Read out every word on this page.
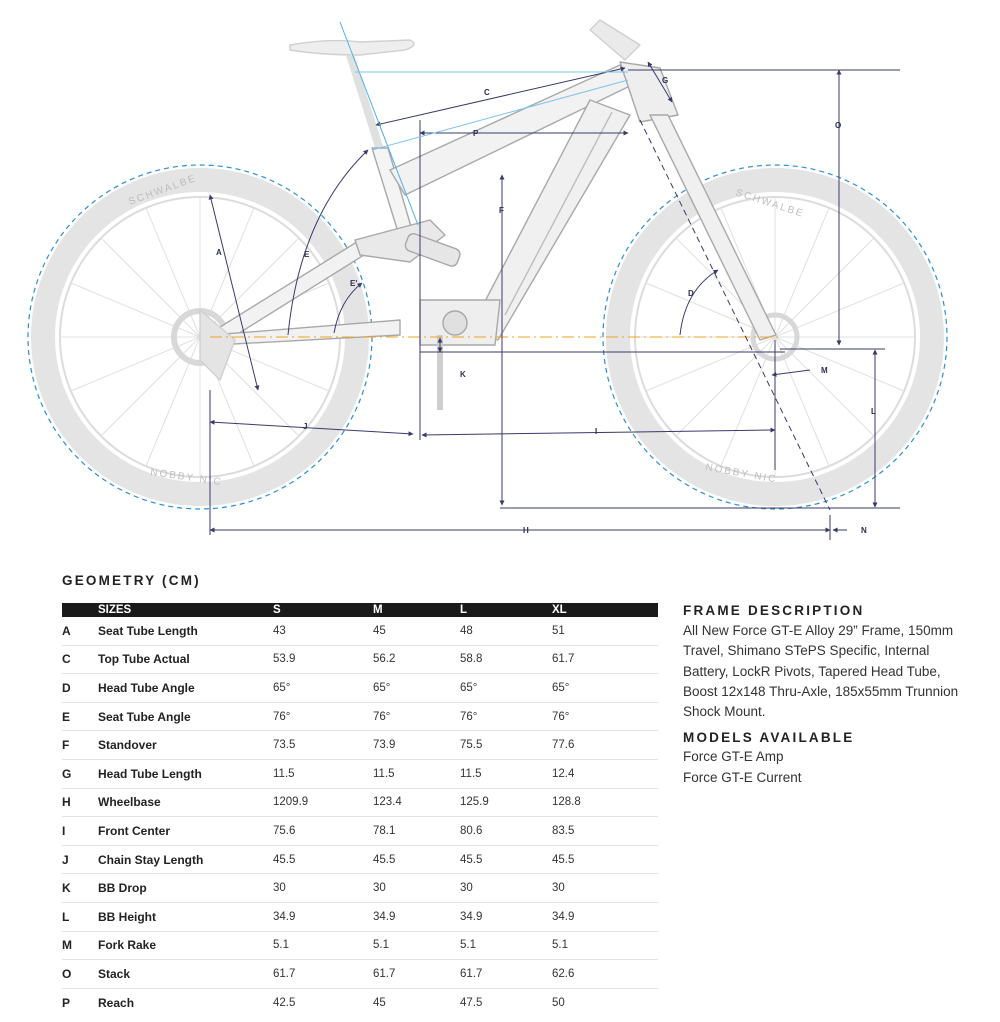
SCHWALBE
NOBBY NIC
SCHWALBE
NOBBY NIC
A
C
D
E
E'
F
G
H
I
J
K
L
M
N
O
P
GEOMETRY (CM)
	SIZES	S	M	L	XL
A	Seat Tube Length	43	45	48	51
C	Top Tube Actual	53.9	56.2	58.8	61.7
D	Head Tube Angle	65°	65°	65°	65°
E	Seat Tube Angle	76°	76°	76°	76°
F	Standover	73.5	73.9	75.5	77.6
G	Head Tube Length	11.5	11.5	11.5	12.4
H	Wheelbase	1209.9	123.4	125.9	128.8
I	Front Center	75.6	78.1	80.6	83.5
J	Chain Stay Length	45.5	45.5	45.5	45.5
K	BB Drop	30	30	30	30
L	BB Height	34.9	34.9	34.9	34.9
M	Fork Rake	5.1	5.1	5.1	5.1
O	Stack	61.7	61.7	61.7	62.6
P	Reach	42.5	45	47.5	50

FRAME DESCRIPTION

All New Force GT-E Alloy 29” Frame, 150mm Travel, Shimano STePS Specific, Internal Battery, LockR Pivots, Tapered Head Tube, Boost 12x148 Thru-Axle, 185x55mm Trunnion Shock Mount.

MODELS AVAILABLE

Force GT-E Amp

Force GT-E Current
